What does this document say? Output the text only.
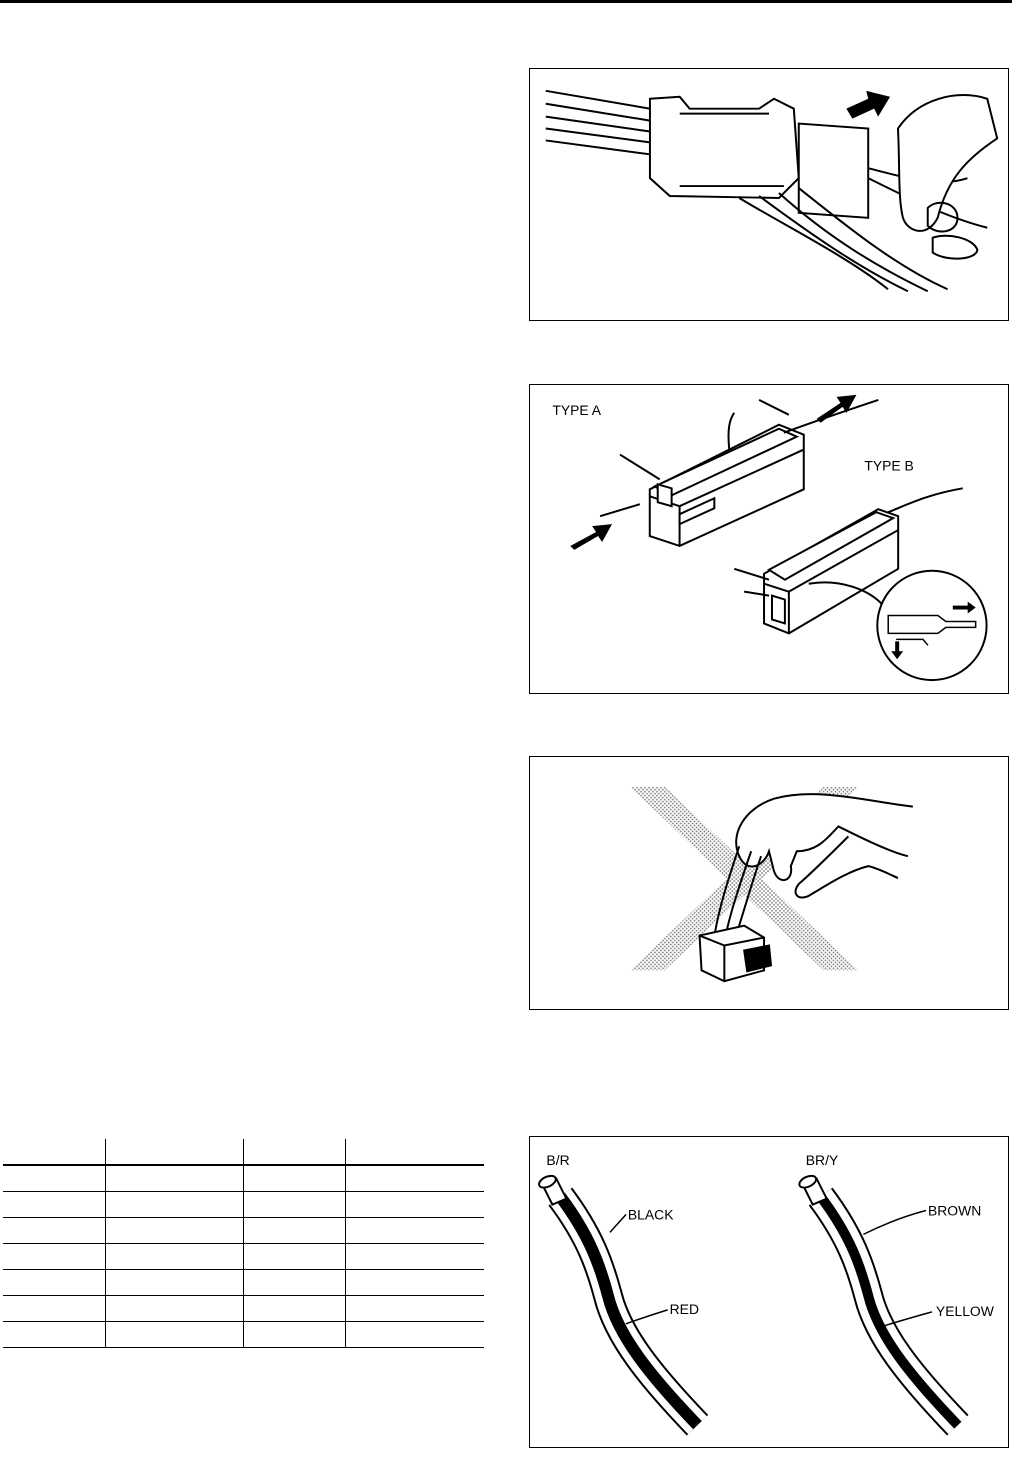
TYPE A
TYPE B

B/R	BR/Y
BLACK
RED
BROWN
YELLOW
